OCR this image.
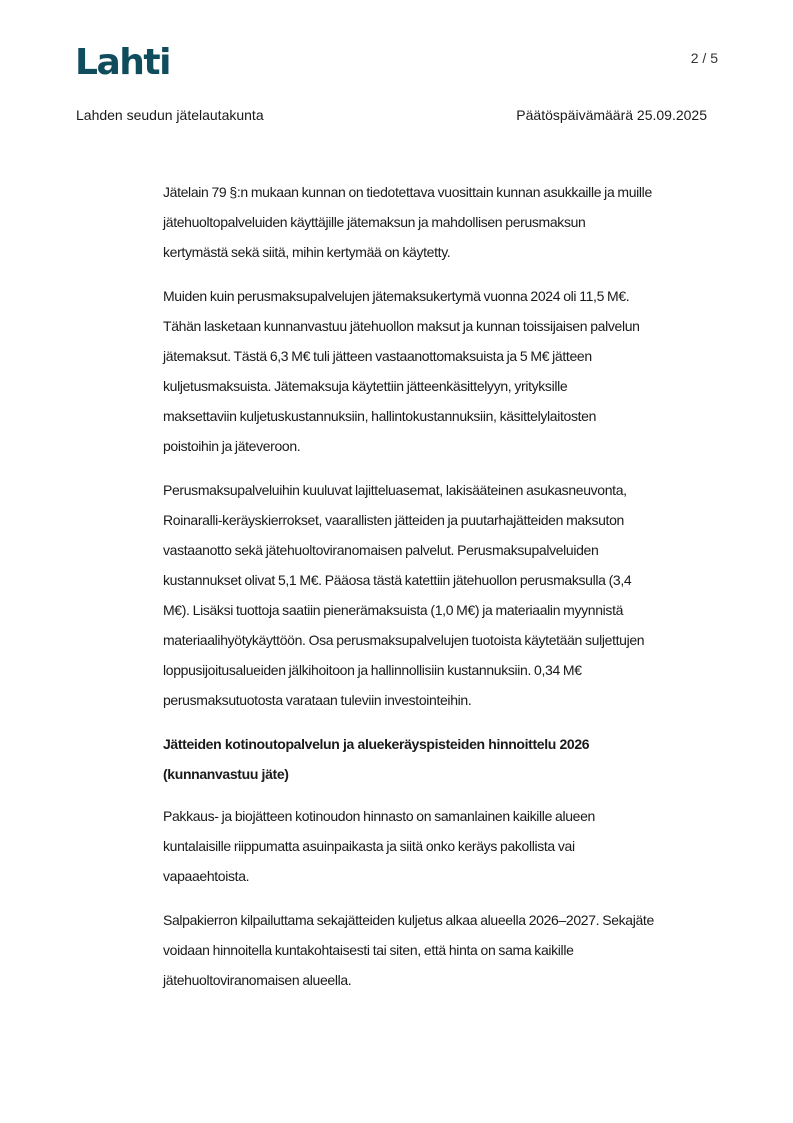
Lahti	2 / 5
Lahden seudun jätelautakunta	Päätöspäivämäärä 25.09.2025

Jätelain 79 §:n mukaan kunnan on tiedotettava vuosittain kunnan asukkaille ja muille
jätehuoltopalveluiden käyttäjille jätemaksun ja mahdollisen perusmaksun
kertymästä sekä siitä, mihin kertymää on käytetty.

Muiden kuin perusmaksupalvelujen jätemaksukertymä vuonna 2024 oli 11,5 M€.
Tähän lasketaan kunnanvastuu jätehuollon maksut ja kunnan toissijaisen palvelun
jätemaksut. Tästä 6,3 M€ tuli jätteen vastaanottomaksuista ja 5 M€ jätteen
kuljetusmaksuista. Jätemaksuja käytettiin jätteenkäsittelyyn, yrityksille
maksettaviin kuljetuskustannuksiin, hallintokustannuksiin, käsittelylaitosten
poistoihin ja jäteveroon.

Perusmaksupalveluihin kuuluvat lajitteluasemat, lakisääteinen asukasneuvonta,
Roinaralli-keräyskierrokset, vaarallisten jätteiden ja puutarhajätteiden maksuton
vastaanotto sekä jätehuoltoviranomaisen palvelut. Perusmaksupalveluiden
kustannukset olivat 5,1 M€. Pääosa tästä katettiin jätehuollon perusmaksulla (3,4
M€). Lisäksi tuottoja saatiin pienerämaksuista (1,0 M€) ja materiaalin myynnistä
materiaalihyötykäyttöön. Osa perusmaksupalvelujen tuotoista käytetään suljettujen
loppusijoitusalueiden jälkihoitoon ja hallinnollisiin kustannuksiin. 0,34 M€
perusmaksutuotosta varataan tuleviin investointeihin.

Jätteiden kotinoutopalvelun ja aluekeräyspisteiden hinnoittelu 2026
(kunnanvastuu jäte)

Pakkaus- ja biojätteen kotinoudon hinnasto on samanlainen kaikille alueen
kuntalaisille riippumatta asuinpaikasta ja siitä onko keräys pakollista vai
vapaaehtoista.

Salpakierron kilpailuttama sekajätteiden kuljetus alkaa alueella 2026–2027. Sekajäte
voidaan hinnoitella kuntakohtaisesti tai siten, että hinta on sama kaikille
jätehuoltoviranomaisen alueella.
